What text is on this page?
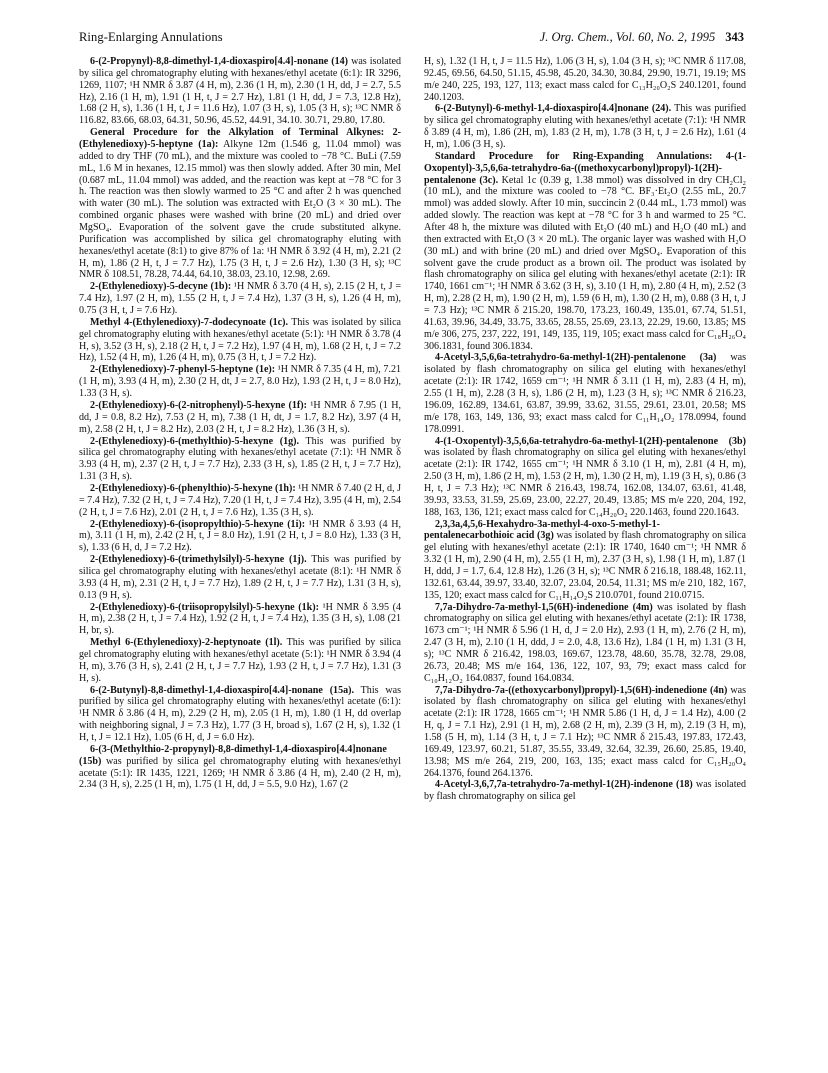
Ring-Enlarging Annulations	J. Org. Chem., Vol. 60, No. 2, 1995 343

6-(2-Propynyl)-8,8-dimethyl-1,4-dioxaspiro[4.4]-nonane (14) was isolated by silica gel chromatography eluting with hexanes/ethyl acetate (6:1): IR 3296, 1269, 1107; ¹H NMR δ 3.87 (4 H, m), 2.36 (1 H, m), 2.30 (1 H, dd, J = 2.7, 5.5 Hz), 2.16 (1 H, m), 1.91 (1 H, t, J = 2.7 Hz), 1.81 (1 H, dd, J = 7.3, 12.8 Hz), 1.68 (2 H, s), 1.36 (1 H, t, J = 11.6 Hz), 1.07 (3 H, s), 1.05 (3 H, s); ¹³C NMR δ 116.82, 83.66, 68.03, 64.31, 50.96, 45.52, 44.91, 34.10. 30.71, 29.80, 17.80.

General Procedure for the Alkylation of Terminal Alkynes: 2-(Ethylenedioxy)-5-heptyne (1a): Alkyne 12m (1.546 g, 11.04 mmol) was added to dry THF (70 mL), and the mixture was cooled to −78 °C. BuLi (7.59 mL, 1.6 M in hexanes, 12.15 mmol) was then slowly added. After 30 min, MeI (0.687 mL, 11.04 mmol) was added, and the reaction was kept at −78 °C for 3 h. The reaction was then slowly warmed to 25 °C and after 2 h was quenched with water (30 mL). The solution was extracted with Et₂O (3 × 30 mL). The combined organic phases were washed with brine (20 mL) and dried over MgSO₄. Evaporation of the solvent gave the crude substituted alkyne. Purification was accomplished by silica gel chromatography eluting with hexanes/ethyl acetate (8:1) to give 87% of 1a: ¹H NMR δ 3.92 (4 H, m), 2.21 (2 H, m), 1.86 (2 H, t, J = 7.7 Hz), 1.75 (3 H, t, J = 2.6 Hz), 1.30 (3 H, s); ¹³C NMR δ 108.51, 78.28, 74.44, 64.10, 38.03, 23.10, 12.98, 2.69.

2-(Ethylenedioxy)-5-decyne (1b): ¹H NMR δ 3.70 (4 H, s), 2.15 (2 H, t, J = 7.4 Hz), 1.97 (2 H, m), 1.55 (2 H, t, J = 7.4 Hz), 1.37 (3 H, s), 1.26 (4 H, m), 0.75 (3 H, t, J = 7.6 Hz).

Methyl 4-(Ethylenedioxy)-7-dodecynoate (1c). This was isolated by silica gel chromatography eluting with hexanes/ethyl acetate (5:1): ¹H NMR δ 3.78 (4 H, s), 3.52 (3 H, s), 2.18 (2 H, t, J = 7.2 Hz), 1.97 (4 H, m), 1.68 (2 H, t, J = 7.2 Hz), 1.52 (4 H, m), 1.26 (4 H, m), 0.75 (3 H, t, J = 7.2 Hz).

2-(Ethylenedioxy)-7-phenyl-5-heptyne (1e): ¹H NMR δ 7.35 (4 H, m), 7.21 (1 H, m), 3.93 (4 H, m), 2.30 (2 H, dt, J = 2.7, 8.0 Hz), 1.93 (2 H, t, J = 8.0 Hz), 1.33 (3 H, s).

2-(Ethylenedioxy)-6-(2-nitrophenyl)-5-hexyne (1f): ¹H NMR δ 7.95 (1 H, dd, J = 0.8, 8.2 Hz), 7.53 (2 H, m), 7.38 (1 H, dt, J = 1.7, 8.2 Hz), 3.97 (4 H, m), 2.58 (2 H, t, J = 8.2 Hz), 2.03 (2 H, t, J = 8.2 Hz), 1.36 (3 H, s).

2-(Ethylenedioxy)-6-(methylthio)-5-hexyne (1g). This was purified by silica gel chromatography eluting with hexanes/ethyl acetate (7:1): ¹H NMR δ 3.93 (4 H, m), 2.37 (2 H, t, J = 7.7 Hz), 2.33 (3 H, s), 1.85 (2 H, t, J = 7.7 Hz), 1.31 (3 H, s).

2-(Ethylenedioxy)-6-(phenylthio)-5-hexyne (1h): ¹H NMR δ 7.40 (2 H, d, J = 7.4 Hz), 7.32 (2 H, t, J = 7.4 Hz), 7.20 (1 H, t, J = 7.4 Hz), 3.95 (4 H, m), 2.54 (2 H, t, J = 7.6 Hz), 2.01 (2 H, t, J = 7.6 Hz), 1.35 (3 H, s).

2-(Ethylenedioxy)-6-(isopropylthio)-5-hexyne (1i): ¹H NMR δ 3.93 (4 H, m), 3.11 (1 H, m), 2.42 (2 H, t, J = 8.0 Hz), 1.91 (2 H, t, J = 8.0 Hz), 1.33 (3 H, s), 1.33 (6 H, d, J = 7.2 Hz).

2-(Ethylenedioxy)-6-(trimethylsilyl)-5-hexyne (1j). This was purified by silica gel chromatography eluting with hexanes/ethyl acetate (8:1): ¹H NMR δ 3.93 (4 H, m), 2.31 (2 H, t, J = 7.7 Hz), 1.89 (2 H, t, J = 7.7 Hz), 1.31 (3 H, s), 0.13 (9 H, s).

2-(Ethylenedioxy)-6-(triisopropylsilyl)-5-hexyne (1k): ¹H NMR δ 3.95 (4 H, m), 2.38 (2 H, t, J = 7.4 Hz), 1.92 (2 H, t, J = 7.4 Hz), 1.35 (3 H, s), 1.08 (21 H, br, s).

Methyl 6-(Ethylenedioxy)-2-heptynoate (1l). This was purified by silica gel chromatography eluting with hexanes/ethyl acetate (5:1): ¹H NMR δ 3.94 (4 H, m), 3.76 (3 H, s), 2.41 (2 H, t, J = 7.7 Hz), 1.93 (2 H, t, J = 7.7 Hz), 1.31 (3 H, s).

6-(2-Butynyl)-8,8-dimethyl-1,4-dioxaspiro[4.4]-nonane (15a). This was purified by silica gel chromatography eluting with hexanes/ethyl acetate (6:1): ¹H NMR δ 3.86 (4 H, m), 2.29 (2 H, m), 2.05 (1 H, m), 1.80 (1 H, dd overlap with neighboring signal, J = 7.3 Hz), 1.77 (3 H, broad s), 1.67 (2 H, s), 1.32 (1 H, t, J = 12.1 Hz), 1.05 (6 H, d, J = 6.0 Hz).

6-(3-(Methylthio-2-propynyl)-8,8-dimethyl-1,4-dioxaspiro[4.4]nonane (15b) was purified by silica gel chromatography eluting with hexanes/ethyl acetate (5:1): IR 1435, 1221, 1269; ¹H NMR δ 3.86 (4 H, m), 2.40 (2 H, m), 2.34 (3 H, s), 2.25 (1 H, m), 1.75 (1 H, dd, J = 5.5, 9.0 Hz), 1.67 (2

H, s), 1.32 (1 H, t, J = 11.5 Hz), 1.06 (3 H, s), 1.04 (3 H, s); ¹³C NMR δ 117.08, 92.45, 69.56, 64.50, 51.15, 45.98, 45.20, 34.30, 30.84, 29.90, 19.71, 19.19; MS m/e 240, 225, 193, 127, 113; exact mass calcd for C₁₃H₂₀O₂S 240.1201, found 240.1203.

6-(2-Butynyl)-6-methyl-1,4-dioxaspiro[4.4]nonane (24). This was purified by silica gel chromatography eluting with hexanes/ethyl acetate (7:1): ¹H NMR δ 3.89 (4 H, m), 1.86 (2H, m), 1.83 (2 H, m), 1.78 (3 H, t, J = 2.6 Hz), 1.61 (4 H, m), 1.06 (3 H, s).

Standard Procedure for Ring-Expanding Annulations: 4-(1-Oxopentyl)-3,5,6,6a-tetrahydro-6a-((methoxycarbonyl)propyl)-1(2H)-pentalenone (3c). Ketal 1c (0.39 g, 1.38 mmol) was dissolved in dry CH₂Cl₂ (10 mL), and the mixture was cooled to −78 °C. BF₃·Et₂O (2.55 mL, 20.7 mmol) was added slowly. After 10 min, succincin 2 (0.44 mL, 1.73 mmol) was added slowly. The reaction was kept at −78 °C for 3 h and warmed to 25 °C. After 48 h, the mixture was diluted with Et₂O (40 mL) and H₂O (40 mL) and then extracted with Et₂O (3 × 20 mL). The organic layer was washed with H₂O (30 mL) and with brine (20 mL) and dried over MgSO₄. Evaporation of this solvent gave the crude product as a brown oil. The product was isolated by flash chromatography on silica gel eluting with hexanes/ethyl acetate (2:1): IR 1740, 1661 cm⁻¹; ¹H NMR δ 3.62 (3 H, s), 3.10 (1 H, m), 2.80 (4 H, m), 2.52 (3 H, m), 2.28 (2 H, m), 1.90 (2 H, m), 1.59 (6 H, m), 1.30 (2 H, m), 0.88 (3 H, t, J = 7.3 Hz); ¹³C NMR δ 215.20, 198.70, 173.23, 160.49, 135.01, 67.74, 51.51, 41.63, 39.96, 34.49, 33.75, 33.65, 28.55, 25.69, 23.13, 22.29, 19.60, 13.85; MS m/e 306, 275, 237, 222, 191, 149, 135, 119, 105; exact mass calcd for C₁₈H₂₆O₄ 306.1831, found 306.1834.

4-Acetyl-3,5,6,6a-tetrahydro-6a-methyl-1(2H)-pentalenone (3a) was isolated by flash chromatography on silica gel eluting with hexanes/ethyl acetate (2:1): IR 1742, 1659 cm⁻¹; ¹H NMR δ 3.11 (1 H, m), 2.83 (4 H, m), 2.55 (1 H, m), 2.28 (3 H, s), 1.86 (2 H, m), 1.23 (3 H, s); ¹³C NMR δ 216.23, 196.09, 162.89, 134.61, 63.87, 39.99, 33.62, 31.55, 29.61, 23.01, 20.58; MS m/e 178, 163, 149, 136, 93; exact mass calcd for C₁₁H₁₄O₂ 178.0994, found 178.0991.

4-(1-Oxopentyl)-3,5,6,6a-tetrahydro-6a-methyl-1(2H)-pentalenone (3b) was isolated by flash chromatography on silica gel eluting with hexanes/ethyl acetate (2:1): IR 1742, 1655 cm⁻¹; ¹H NMR δ 3.10 (1 H, m), 2.81 (4 H, m), 2.50 (3 H, m), 1.86 (2 H, m), 1.53 (2 H, m), 1.30 (2 H, m), 1.19 (3 H, s), 0.86 (3 H, t, J = 7.3 Hz); ¹³C NMR δ 216.43, 198.74, 162.08, 134.07, 63.61, 41.48, 39.93, 33.53, 31.59, 25.69, 23.00, 22.27, 20.49, 13.85; MS m/e 220, 204, 192, 188, 163, 136, 121; exact mass calcd for C₁₄H₂₀O₂ 220.1463, found 220.1643.

2,3,3a,4,5,6-Hexahydro-3a-methyl-4-oxo-5-methyl-1-pentalenecarbothioic acid (3g) was isolated by flash chromatography on silica gel eluting with hexanes/ethyl acetate (2:1): IR 1740, 1640 cm⁻¹; ¹H NMR δ 3.32 (1 H, m), 2.90 (4 H, m), 2.55 (1 H, m), 2.37 (3 H, s), 1.98 (1 H, m), 1.87 (1 H, ddd, J = 1.7, 6.4, 12.8 Hz), 1.26 (3 H, s); ¹³C NMR δ 216.18, 188.48, 162.11, 132.61, 63.44, 39.97, 33.40, 32.07, 23.04, 20.54, 11.31; MS m/e 210, 182, 167, 135, 120; exact mass calcd for C₁₁H₁₄O₂S 210.0701, found 210.0715.

7,7a-Dihydro-7a-methyl-1,5(6H)-indenedione (4m) was isolated by flash chromatography on silica gel eluting with hexanes/ethyl acetate (2:1): IR 1738, 1673 cm⁻¹; ¹H NMR δ 5.96 (1 H, d, J = 2.0 Hz), 2.93 (1 H, m), 2.76 (2 H, m), 2.47 (3 H, m), 2.10 (1 H, ddd, J = 2.0, 4.8, 13.6 Hz), 1.84 (1 H, m) 1.31 (3 H, s); ¹³C NMR δ 216.42, 198.03, 169.67, 123.78, 48.60, 35.78, 32.78, 29.08, 26.73, 20.48; MS m/e 164, 136, 122, 107, 93, 79; exact mass calcd for C₁₀H₁₂O₂ 164.0837, found 164.0834.

7,7a-Dihydro-7a-((ethoxycarbonyl)propyl)-1,5(6H)-indenedione (4n) was isolated by flash chromatography on silica gel eluting with hexanes/ethyl acetate (2:1): IR 1728, 1665 cm⁻¹; ¹H NMR 5.86 (1 H, d, J = 1.4 Hz), 4.00 (2 H, q, J = 7.1 Hz), 2.91 (1 H, m), 2.68 (2 H, m), 2.39 (3 H, m), 2.19 (3 H, m), 1.58 (5 H, m), 1.14 (3 H, t, J = 7.1 Hz); ¹³C NMR δ 215.43, 197.83, 172.43, 169.49, 123.97, 60.21, 51.87, 35.55, 33.49, 32.64, 32.39, 26.60, 25.85, 19.40, 13.98; MS m/e 264, 219, 200, 163, 135; exact mass calcd for C₁₅H₂₀O₄ 264.1376, found 264.1376.

4-Acetyl-3,6,7,7a-tetrahydro-7a-methyl-1(2H)-indenone (18) was isolated by flash chromatography on silica gel
